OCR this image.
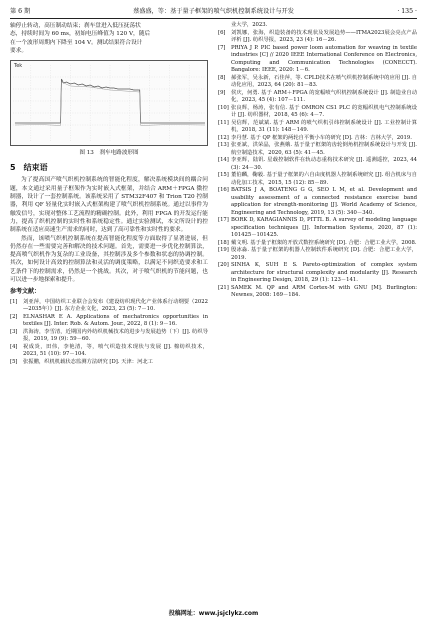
第 6 期	蔡盛盛，等：基于量子框架的喷气织机控制系统设计与开发	· 135 ·

轴停止转动，高压制动结束；刹车盘进入低压抚荡状

态，持续时间为 60 ms，初始电压峰值为 120 V，随后

在一个波形周期内下降至 104 V。测试结果符合设计

要求。

Tek

图 13　刹车电路波形图

5　结束语

为了提高国产喷气织机控制系统的智能化程度，解决系统模块间的耦合问题，本文通过采用量子框架作为实时嵌入式框架，并结合 ARM＋FPGA 微控制器，设计了一套控制系统。该系统采用了 STM32F407 和 Trion T20 控制器，利用 QF 轻量化实时嵌入式框架构建了喷气织机控制系统。通过以事件为触发信号，实现对整体工艺流程的精确控制。此外，利用 FPGA 的开发运行能力，提高了织机控制的实时性和系统稳定性。通过实验测试，本文所设计的控制系统在适应高速生产需求的同时，达到了高可靠性和实时性的要求。

然而，该喷气织机控制系统在提高智能化程度等方面取得了显著进展，但仍然存在一些需要完善和解决的技术问题。首先，需要进一步优化控制算法，提高喷气织机作为复杂的工业设备，其控制涉及多个参数和状态的协调控制。其次，如何设计高效的控制算法和灵活的调度策略，以满足不同织造要求和工艺条件下的控制需求，仍然是一个挑战。其次，对于喷气织机的节能问题，也可以进一步地探索和提升。

参考文献：
[1]	刘亚萍，中国纺织工业联合会发布《建设纺织现代化产业体系行动纲要（2022—2035年）》[J]. 东方企业文化，2023, 23 (5): 7－10.
[2]	ELNASHAR E A. Applications of mechatronics opportunities in textiles [J]. Inter. Rob. & Autom. Jour., 2022, 8 (1): 9－16.
[3]	洪海涛，李雪清，近期国内外纺织机械技术的进步与发展趋势（下）[J]. 纺织导报，2019, 19 (9): 59－60.
[4]	祝成炎，田伟，李艳清，等，喷气织造技术现状与发展 [J]. 棉纺织技术，2023, 51 (10): 97－104.
[5]	张振鹏，织机机载状态监测方法研究 [D]. 天津：河北工
业大学，2023.
[6]	刘凯娜，张海，织造装备的技术现状及发展趋势——ITMA2023展会亮点产品评析 [J]. 纺织导报，2023, 23 (4): 16－26.
[7]	PRIYA J P. PIC based power loom automation for weaving in textile industries [C] // 2020 IEEE International Conference on Electronics, Computing and Communication Technologies (CONECCT). Bangalore: IEEE, 2020: 1－6.
[8]	郝张军，吴永新，石佳萍，等. CPLD技术在喷气织机控制系统中的应用 [J]. 自动化应用，2023, 64 (20): 81－83.
[9]	侯庆，何勇. 基于 ARM＋FPGA 的宽幅喷气织机控制系统设计 [J]. 制造业自动化，2023, 45 (4): 107－111.
[10] 张良辉，杨涛，张有信. 基于 OMRON CS1 PLC 的宽幅织机电气控制系统设计 [J]. 纺织器材，2018, 45 (6): 4－7.
[11] 吴信辉，范斌斌. 基于 ARM 的喷气织机引纬控制系统设计 [J]. 工业控制计算机，2018, 31 (11): 148－149.
[12] 李丹慧. 基于 QP 框架的两轮自平衡小车的研究 [D]. 吉林：吉林大学，2019.
[13] 张亚斌，洪荣晶，张燕娥. 基于量子框架的齿轮倒角机控制系统设计与开发 [J]. 航空制造技术，2020, 63 (5): 41－45.
[14] 李亚辉，陆钒. 星载控制软件在轨动态重构技术研究 [J]. 遥测遥控，2023, 44 (3): 24－30.
[15] 董伯麟，鞠毅. 基于量子框架的六自由度机器人控制系统研究 [J]. 组合机床与自动化加工技术，2015, 15 (12): 85－89.
[16] BATSIS J A, BOATENG G G, SEO L M, et al. Development and usability assessment of a connected resistance exercise band application for strength-monitoring [J]. World Academy of Science, Engineering and Technology, 2019, 13 (5): 340－340.
[17] BORK D, KARAGIANNIS D, PITTL B. A survey of modeling language specification techniques [J]. Information Systems, 2020, 87 (1): 101425－101425.
[18] 戴文明. 基于量子框架的开放式数控系统研究 [D]. 合肥：合肥工业大学，2008.
[19] 殷冰淼. 基于量子框架的机器人控制软件系统研究 [D]. 合肥：合肥工业大学，2019.
[20] SINHA K, SUH E S. Pareto-optimization of complex system architecture for structural complexity and modularity [J]. Research in Engineering Design, 2018, 29 (1): 123－141.
[21] SAMEK M. QP and ARM Cortex-M with GNU [M]. Burlington: Newnes, 2008: 169－184.
投稿网址：www.jsjclykz.com
